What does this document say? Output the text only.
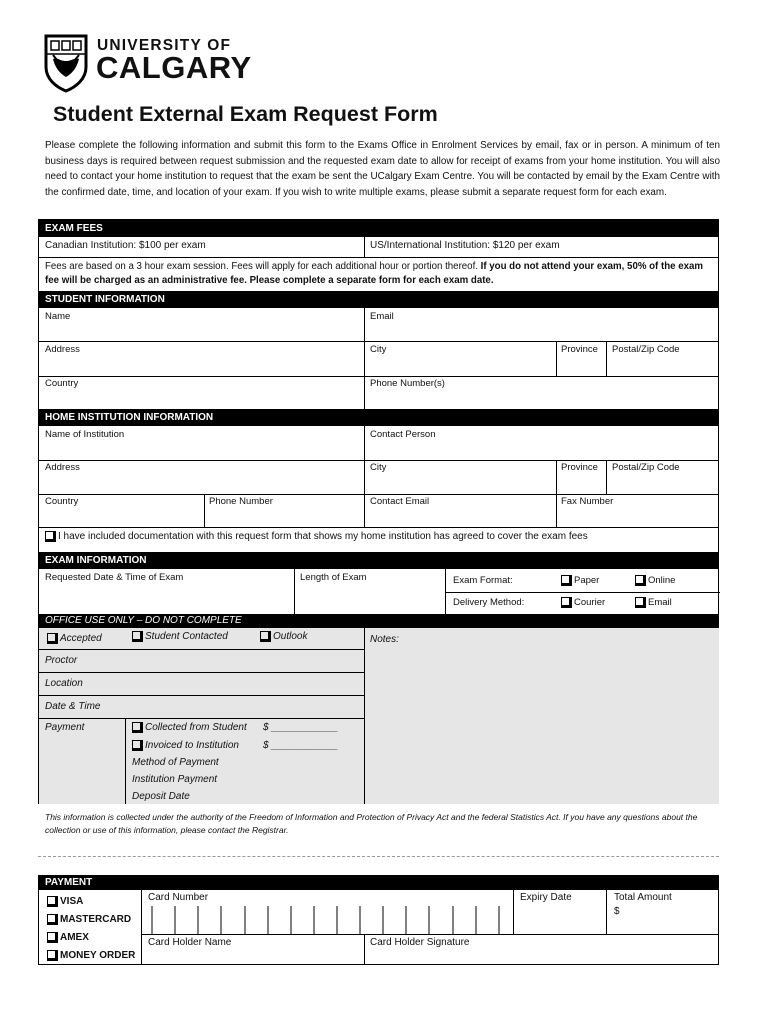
UNIVERSITY OF
CALGARY
Student External Exam Request Form
Please complete the following information and submit this form to the Exams Office in Enrolment Services by email, fax or in person. A minimum of ten business days is required between request submission and the requested exam date to allow for receipt of exams from your home institution. You will also need to contact your home institution to request that the exam be sent the UCalgary Exam Centre. You will be contacted by email by the Exam Centre with the confirmed date, time, and location of your exam. If you wish to write multiple exams, please submit a separate request form for each exam.
EXAM FEES
Canadian Institution: $100 per exam	US/International Institution: $120 per exam
Fees are based on a 3 hour exam session. Fees will apply for each additional hour or portion thereof. If you do not attend your exam, 50% of the exam fee will be charged as an administrative fee. Please complete a separate form for each exam date.
STUDENT INFORMATION
Name	Email
Address	City	Province Postal/Zip Code
Country	Phone Number(s)
HOME INSTITUTION INFORMATION
Name of Institution	Contact Person
Address	City	Province Postal/Zip Code
Country	Phone Number	Contact Email	Fax Number
I have included documentation with this request form that shows my home institution has agreed to cover the exam fees
EXAM INFORMATION
Requested Date & Time of Exam	Length of Exam	Exam Format:	Paper	Online
Delivery Method:	Courier	Email
OFFICE USE ONLY – DO NOT COMPLETE
Accepted	Student Contacted	Outlook	Notes:
Proctor
Location
Date & Time
Payment	Collected from Student $ ____________
Invoiced to Institution $ ____________
Method of Payment
Institution Payment
Deposit Date
This information is collected under the authority of the Freedom of Information and Protection of Privacy Act and the federal Statistics Act. If you have any questions about the collection or use of this information, please contact the Registrar.
PAYMENT
VISA
MASTERCARD
AMEX
MONEY ORDER
Card Number	Expiry Date	Total Amount
$
Card Holder Name	Card Holder Signature
